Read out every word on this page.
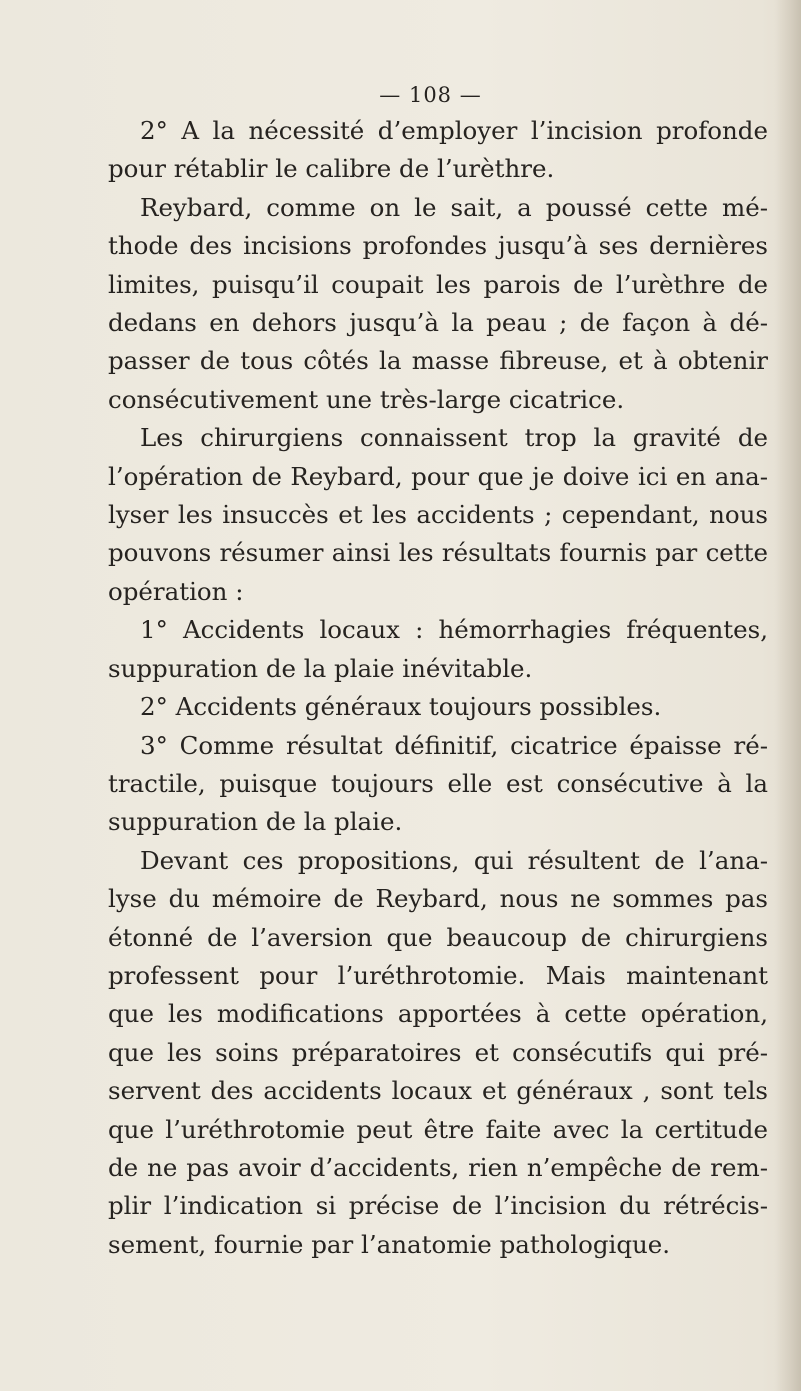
— 108 —
2° A la nécessité d’employer l’incision profonde
pour rétablir le calibre de l’urèthre.
Reybard, comme on le sait, a poussé cette mé-
thode des incisions profondes jusqu’à ses dernières
limites, puisqu’il coupait les parois de l’urèthre de
dedans en dehors jusqu’à la peau ; de façon à dé-
passer de tous côtés la masse fibreuse, et à obtenir
consécutivement une très-large cicatrice.
Les chirurgiens connaissent trop la gravité de
l’opération de Reybard, pour que je doive ici en ana-
lyser les insuccès et les accidents ; cependant, nous
pouvons résumer ainsi les résultats fournis par cette
opération :
1° Accidents locaux : hémorrhagies fréquentes,
suppuration de la plaie inévitable.
2° Accidents généraux toujours possibles.
3° Comme résultat définitif, cicatrice épaisse ré-
tractile, puisque toujours elle est consécutive à la
suppuration de la plaie.
Devant ces propositions, qui résultent de l’ana-
lyse du mémoire de Reybard, nous ne sommes pas
étonné de l’aversion que beaucoup de chirurgiens
professent pour l’uréthrotomie. Mais maintenant
que les modifications apportées à cette opération,
que les soins préparatoires et consécutifs qui pré-
servent des accidents locaux et généraux , sont tels
que l’uréthrotomie peut être faite avec la certitude
de ne pas avoir d’accidents, rien n’empêche de rem-
plir l’indication si précise de l’incision du rétrécis-
sement, fournie par l’anatomie pathologique.
